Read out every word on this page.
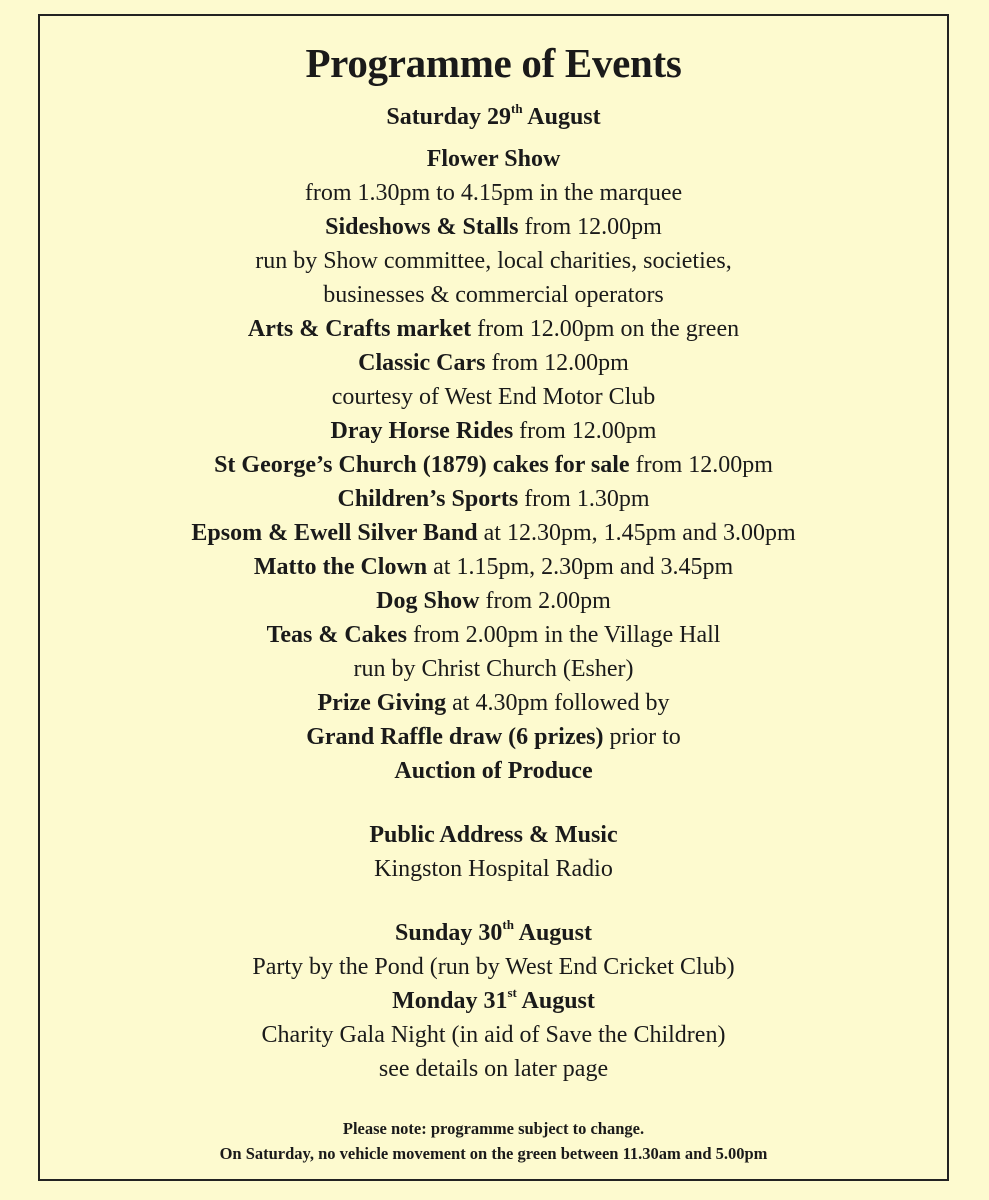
Programme of Events
Saturday 29th August
Flower Show
from 1.30pm to 4.15pm in the marquee
Sideshows & Stalls from 12.00pm
run by Show committee, local charities, societies,
businesses & commercial operators
Arts & Crafts market from 12.00pm on the green
Classic Cars from 12.00pm
courtesy of West End Motor Club
Dray Horse Rides from 12.00pm
St George’s Church (1879) cakes for sale from 12.00pm
Children’s Sports from 1.30pm
Epsom & Ewell Silver Band at 12.30pm, 1.45pm and 3.00pm
Matto the Clown at 1.15pm, 2.30pm and 3.45pm
Dog Show from 2.00pm
Teas & Cakes from 2.00pm in the Village Hall
run by Christ Church (Esher)
Prize Giving at 4.30pm followed by
Grand Raffle draw (6 prizes) prior to
Auction of Produce
Public Address & Music
Kingston Hospital Radio
Sunday 30th August
Party by the Pond (run by West End Cricket Club)
Monday 31st August
Charity Gala Night (in aid of Save the Children)
see details on later page
Please note: programme subject to change.
On Saturday, no vehicle movement on the green between 11.30am and 5.00pm
